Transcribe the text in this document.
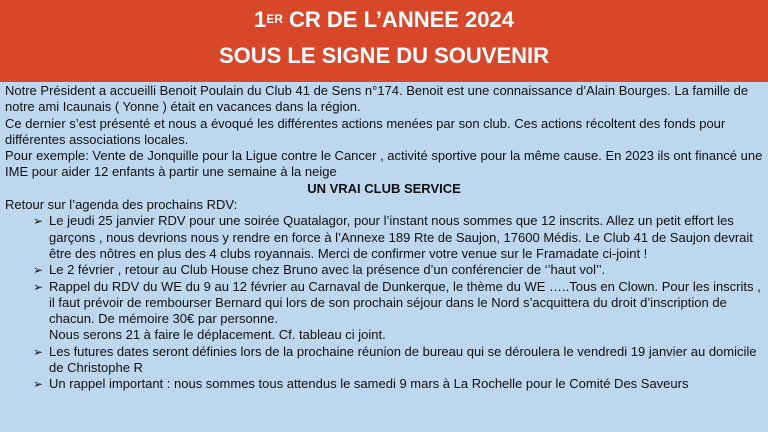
1ER CR DE L’ANNEE 2024
SOUS LE SIGNE DU SOUVENIR

Notre Président a accueilli Benoit Poulain du Club 41 de Sens n°174. Benoit est une connaissance d’Alain Bourges. La famille de notre ami Icaunais ( Yonne ) était en vacances dans la région.

Ce dernier s’est présenté et nous a évoqué les différentes actions menées par son club. Ces actions récoltent des fonds pour différentes associations locales.

Pour exemple: Vente de Jonquille pour la Ligue contre le Cancer , activité sportive pour la même cause. En 2023 ils ont financé une IME pour aider 12 enfants à partir une semaine à la neige

UN VRAI CLUB SERVICE

Retour sur l’agenda des prochains RDV:

➢ Le jeudi 25 janvier RDV pour une soirée Quatalagor, pour l’instant nous sommes que 12 inscrits. Allez un petit effort les garçons , nous devrions nous y rendre en force à l’Annexe 189 Rte de Saujon, 17600 Médis. Le Club 41 de Saujon devrait être des nôtres en plus des 4 clubs royannais. Merci de confirmer votre venue sur le Framadate ci-joint !
➢ Le 2 février , retour au Club House chez Bruno avec la présence d’un conférencier de ‘’haut vol’’.
➢ Rappel du RDV du WE du 9 au 12 février au Carnaval de Dunkerque, le thème du WE …..Tous en Clown. Pour les inscrits , il faut prévoir de rembourser Bernard qui lors de son prochain séjour dans le Nord s’acquittera du droit d’inscription de chacun. De mémoire 30€ par personne.

Nous serons 21 à faire le déplacement. Cf. tableau ci joint.

➢ Les futures dates seront définies lors de la prochaine réunion de bureau qui se déroulera le vendredi 19 janvier au domicile de Christophe R
➢ Un rappel important : nous sommes tous attendus le samedi 9 mars à La Rochelle pour le Comité Des Saveurs
